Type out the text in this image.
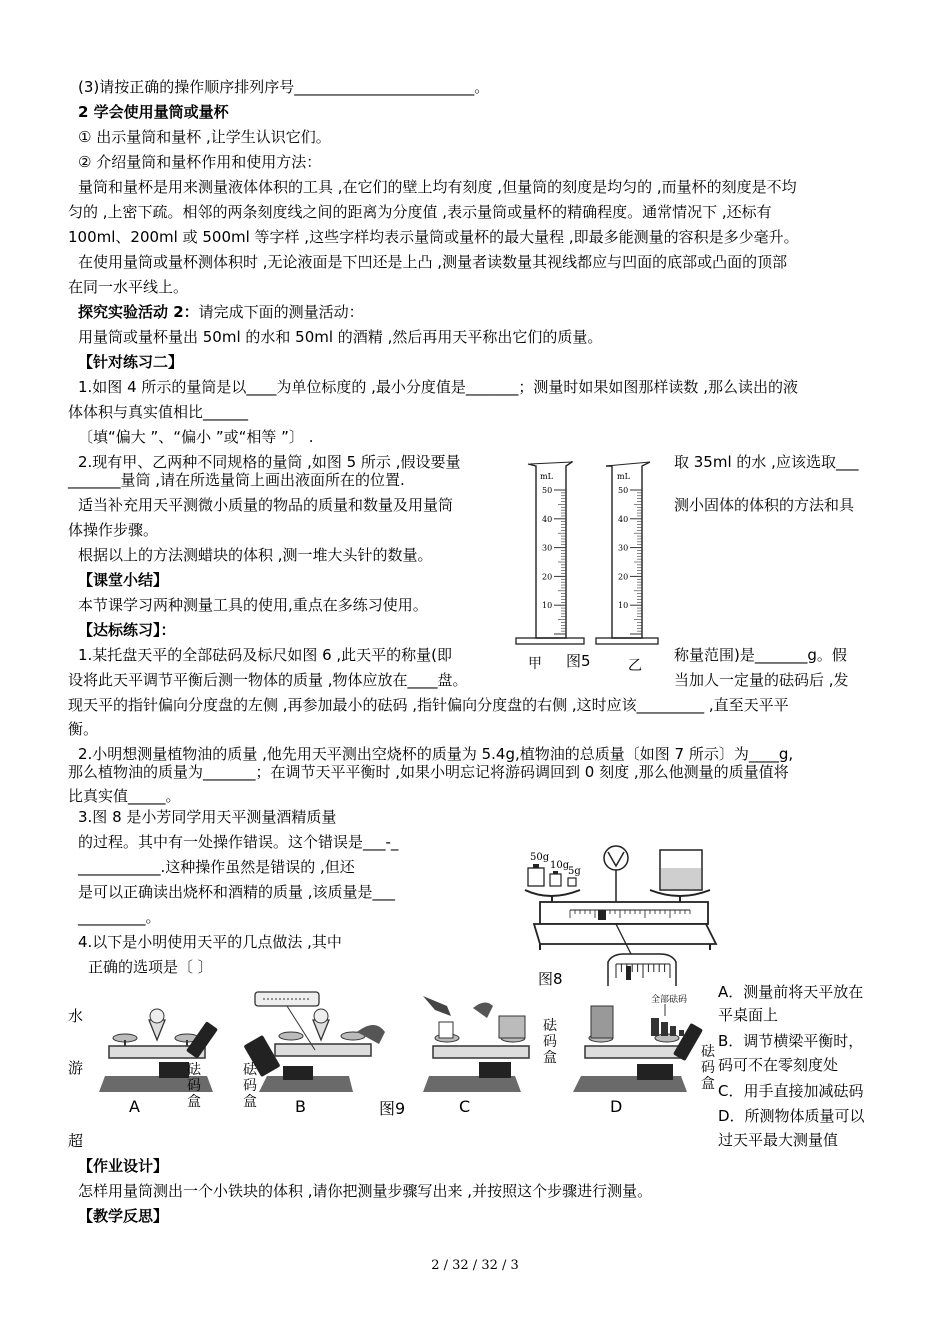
(3)请按正确的操作顺序排列序号________________________。
2 学会使用量筒或量杯
① 出示量筒和量杯 ,让学生认识它们。
② 介绍量筒和量杯作用和使用方法：
量筒和量杯是用来测量液体体积的工具 ,在它们的壁上均有刻度 ,但量筒的刻度是均匀的 ,而量杯的刻度是不均
匀的 ,上密下疏。相邻的两条刻度线之间的距离为分度值 ,表示量筒或量杯的精确程度。通常情况下 ,还标有
100ml、200ml 或 500ml 等字样 ,这些字样均表示量筒或量杯的最大量程 ,即最多能测量的容积是多少毫升。
在使用量筒或量杯测体积时 ,无论液面是下凹还是上凸 ,测量者读数量其视线都应与凹面的底部或凸面的顶部
在同一水平线上。
探究实验活动 2：请完成下面的测量活动：
用量筒或量杯量出 50ml 的水和 50ml 的酒精 ,然后再用天平称出它们的质量。
【针对练习二】
1.如图 4 所示的量筒是以____为单位标度的 ,最小分度值是_______；测量时如果如图那样读数 ,那么读出的液
体体积与真实值相比______
〔填“偏大 ”、“偏小 ”或“相等 ”〕 .
2.现有甲、乙两种不同规格的量筒 ,如图 5 所示 ,假设要量	取 35ml 的水 ,应该选取___
_______量筒 ,请在所选量筒上画出液面所在的位置.
适当补充用天平测微小质量的物品的质量和数量及用量筒	测小固体的体积的方法和具
体操作步骤。
根据以上的方法测蜡块的体积 ,测一堆大头针的数量。
【课堂小结】
本节课学习两种测量工具的使用,重点在多练习使用。
【达标练习】：
1.某托盘天平的全部砝码及标尺如图 6 ,此天平的称量(即	称量范围)是_______g。假
设将此天平调节平衡后测一物体的质量 ,物体应放在____盘。	当加人一定量的砝码后 ,发
现天平的指针偏向分度盘的左侧 ,再参加最小的砝码 ,指针偏向分度盘的右侧 ,这时应该_________ ,直至天平平
衡。
2.小明想测量植物油的质量 ,他先用天平测出空烧杯的质量为 5.4g,植物油的总质量〔如图 7 所示〕为____g,
那么植物油的质量为_______；在调节天平平衡时 ,如果小明忘记将游码调回到 0 刻度 ,那么他测量的质量值将
比真实值_____。
3.图 8 是小芳同学用天平测量酒精质量
的过程。其中有一处操作错误。这个错误是___-_
___________.这种操作虽然是错误的 ,但还
是可以正确读出烧杯和酒精的质量 ,该质量是___
_________。
4.以下是小明使用天平的几点做法 ,其中
正确的选项是〔 〕
A．测量前将天平放在
平桌面上
B．调节横梁平衡时，
码可不在零刻度处
C．用手直接加减砝码
D．所测物体质量可以
过天平最大测量值
水
游
超
【作业设计】
怎样用量筒测出一个小铁块的体积 ,请你把测量步骤写出来 ,并按照这个步骤进行测量。
【教学反思】
2 / 32 / 32 / 3
mL
50
40
30
20
10
mL
50
40
30
20
10
甲 图5	乙
50g
10g
5g
图8
A	B	C
全部砝码
D
砝码盒
砝码盒
砝码盒	砝码盒
图9
